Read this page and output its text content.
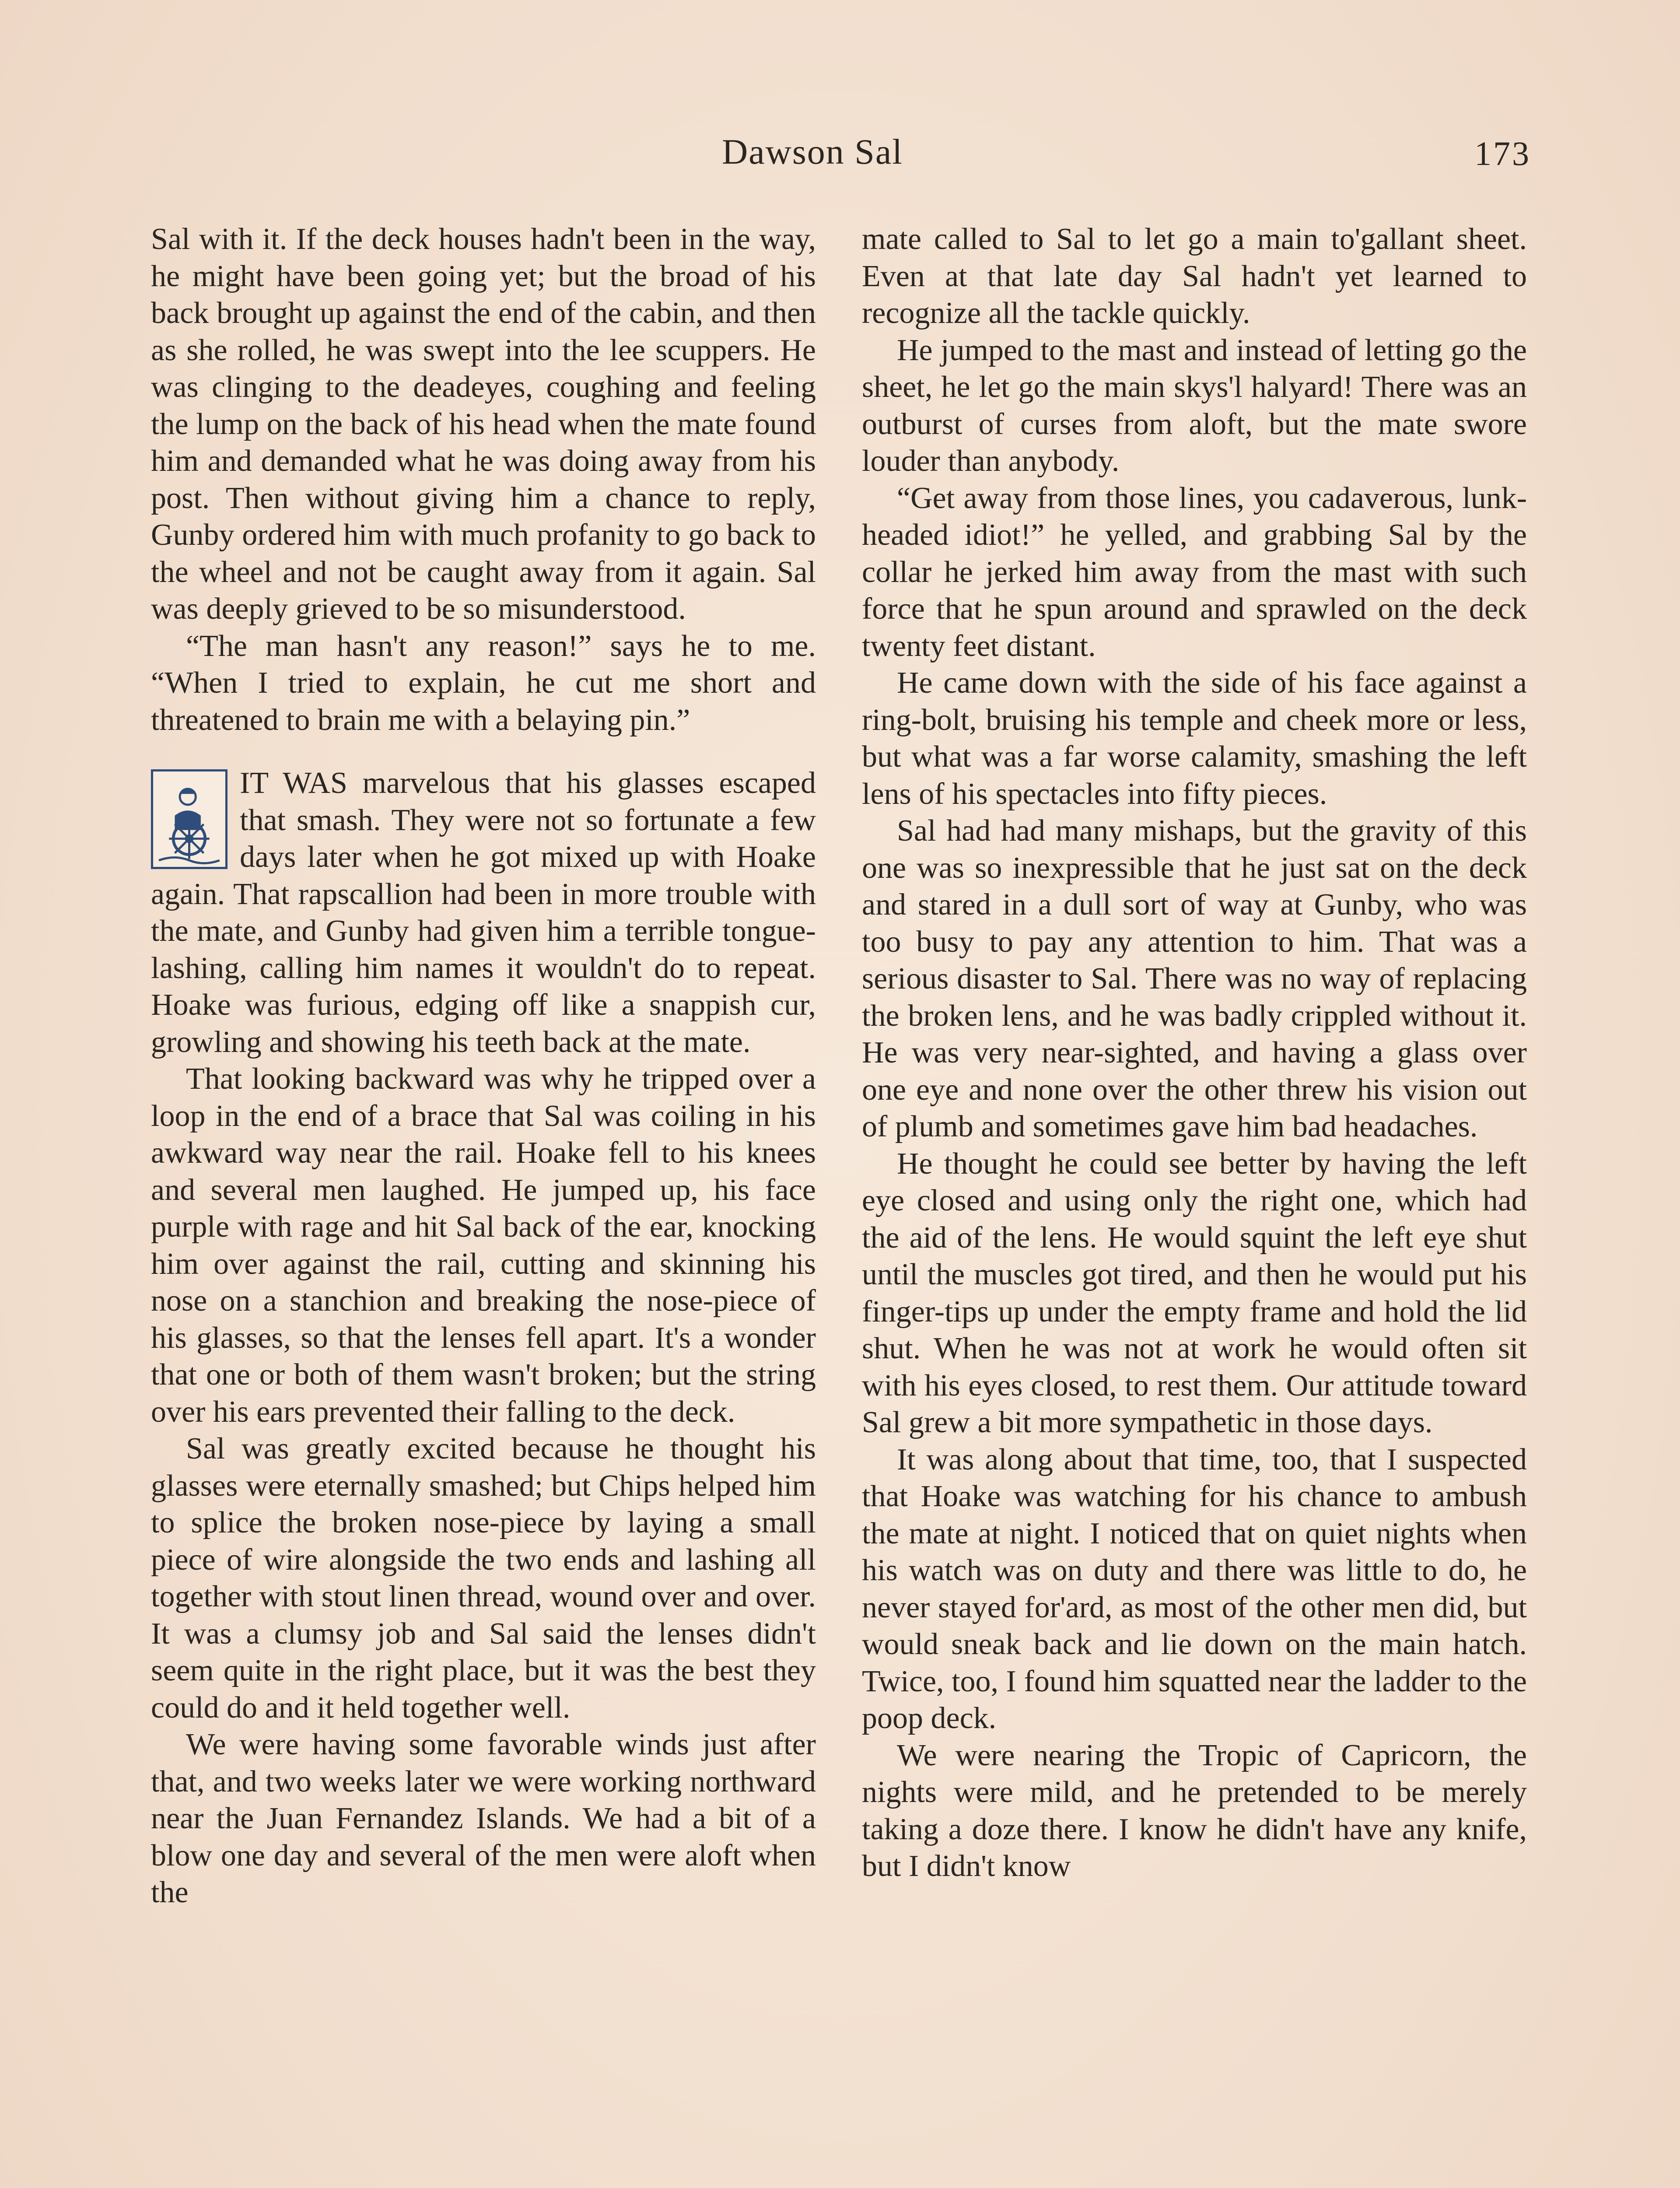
Dawson Sal	173

Sal with it. If the deck houses hadn't been in the way, he might have been going yet; but the broad of his back brought up against the end of the cabin, and then as she rolled, he was swept into the lee scuppers. He was clinging to the deadeyes, coughing and feeling the lump on the back of his head when the mate found him and demanded what he was doing away from his post. Then without giving him a chance to reply, Gunby ordered him with much profanity to go back to the wheel and not be caught away from it again. Sal was deeply grieved to be so misunderstood.

“The man hasn't any reason!” says he to me. “When I tried to explain, he cut me short and threatened to brain me with a belaying pin.”

IT WAS marvelous that his glasses escaped that smash. They were not so fortunate a few days later when he got mixed up with Hoake again. That rapscallion had been in more trouble with the mate, and Gunby had given him a terrible tongue-lashing, calling him names it wouldn't do to repeat. Hoake was furious, edging off like a snappish cur, growling and showing his teeth back at the mate.

That looking backward was why he tripped over a loop in the end of a brace that Sal was coiling in his awkward way near the rail. Hoake fell to his knees and several men laughed. He jumped up, his face purple with rage and hit Sal back of the ear, knocking him over against the rail, cutting and skinning his nose on a stanchion and breaking the nose-piece of his glasses, so that the lenses fell apart. It's a wonder that one or both of them wasn't broken; but the string over his ears prevented their falling to the deck.

Sal was greatly excited because he thought his glasses were eternally smashed; but Chips helped him to splice the broken nose-piece by laying a small piece of wire alongside the two ends and lashing all together with stout linen thread, wound over and over. It was a clumsy job and Sal said the lenses didn't seem quite in the right place, but it was the best they could do and it held together well.

We were having some favorable winds just after that, and two weeks later we were working northward near the Juan Fernandez Islands. We had a bit of a blow one day and several of the men were aloft when the

mate called to Sal to let go a main to'gallant sheet. Even at that late day Sal hadn't yet learned to recognize all the tackle quickly.

He jumped to the mast and instead of letting go the sheet, he let go the main skys'l halyard! There was an outburst of curses from aloft, but the mate swore louder than anybody.

“Get away from those lines, you cadaverous, lunk-headed idiot!” he yelled, and grabbing Sal by the collar he jerked him away from the mast with such force that he spun around and sprawled on the deck twenty feet distant.

He came down with the side of his face against a ring-bolt, bruising his temple and cheek more or less, but what was a far worse calamity, smashing the left lens of his spectacles into fifty pieces.

Sal had had many mishaps, but the gravity of this one was so inexpressible that he just sat on the deck and stared in a dull sort of way at Gunby, who was too busy to pay any attention to him. That was a serious disaster to Sal. There was no way of replacing the broken lens, and he was badly crippled without it. He was very near-sighted, and having a glass over one eye and none over the other threw his vision out of plumb and sometimes gave him bad headaches.

He thought he could see better by having the left eye closed and using only the right one, which had the aid of the lens. He would squint the left eye shut until the muscles got tired, and then he would put his finger-tips up under the empty frame and hold the lid shut. When he was not at work he would often sit with his eyes closed, to rest them. Our attitude toward Sal grew a bit more sympathetic in those days.

It was along about that time, too, that I suspected that Hoake was watching for his chance to ambush the mate at night. I noticed that on quiet nights when his watch was on duty and there was little to do, he never stayed for'ard, as most of the other men did, but would sneak back and lie down on the main hatch. Twice, too, I found him squatted near the ladder to the poop deck.

We were nearing the Tropic of Capricorn, the nights were mild, and he pretended to be merely taking a doze there. I know he didn't have any knife, but I didn't know
